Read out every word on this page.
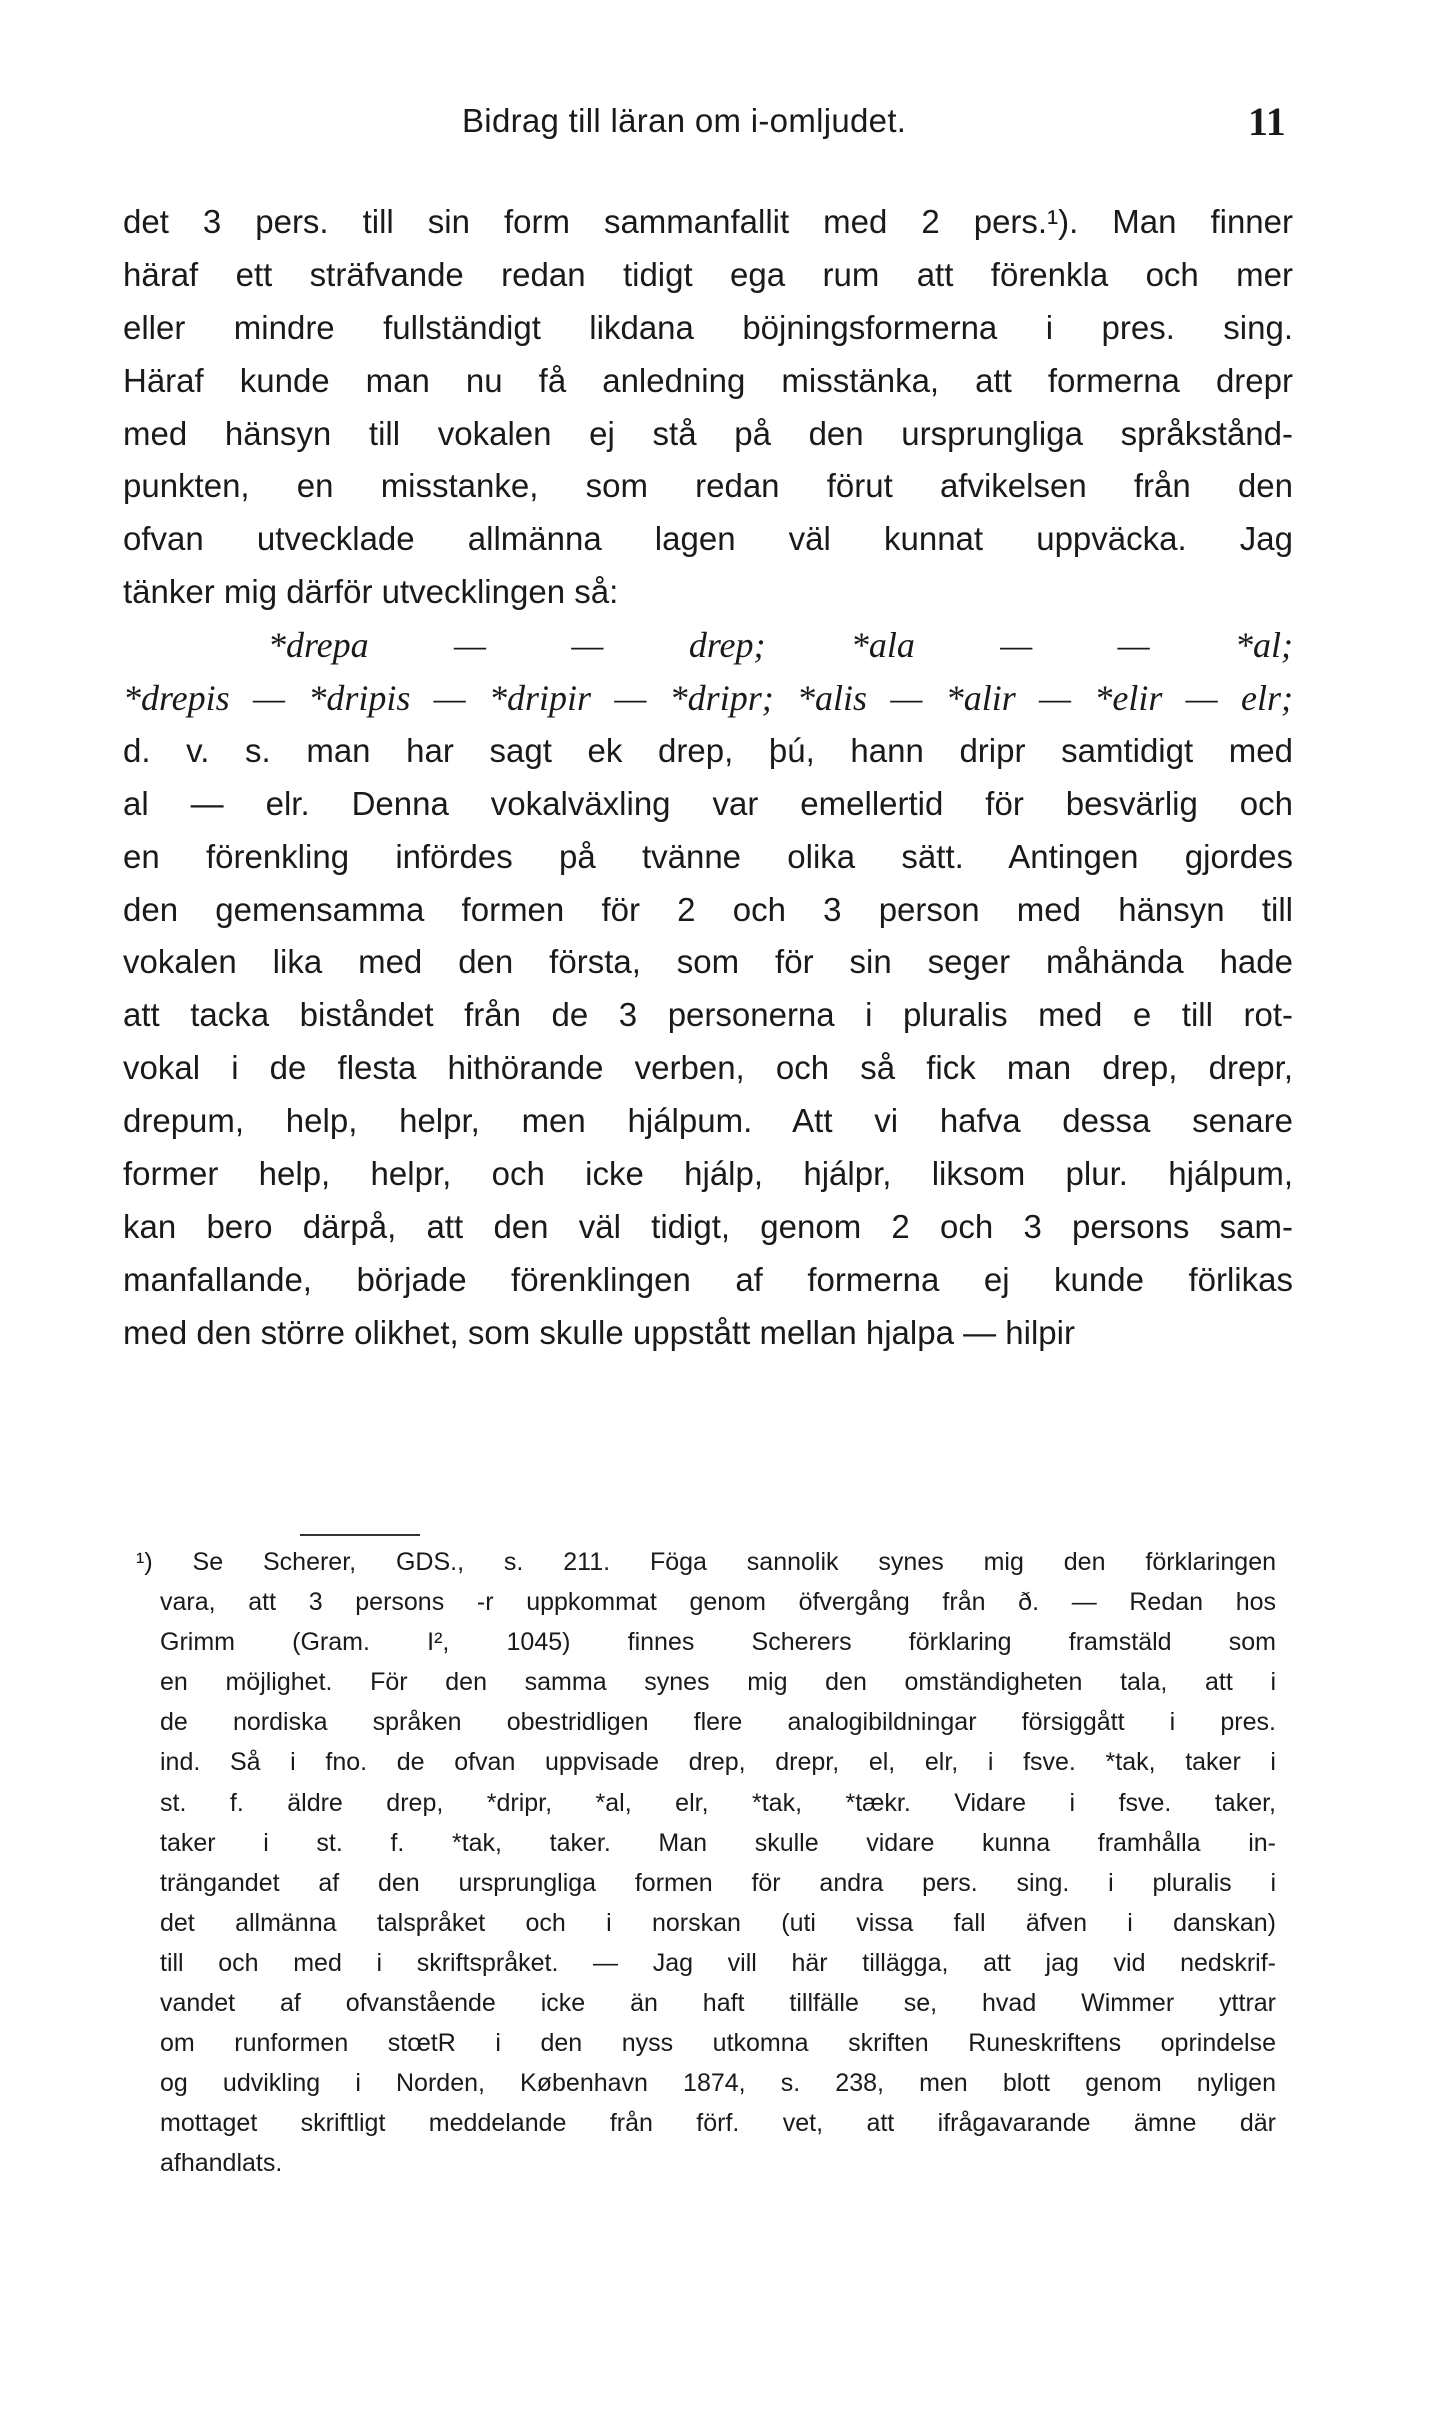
Bidrag till läran om i-omljudet.	11
det 3 pers. till sin form sammanfallit med 2 pers.¹). Man finner
häraf ett sträfvande redan tidigt ega rum att förenkla och mer
eller mindre fullständigt likdana böjningsformerna i pres. sing.
Häraf kunde man nu få anledning misstänka, att formerna drepr
med hänsyn till vokalen ej stå på den ursprungliga språkstånd-
punkten, en misstanke, som redan förut afvikelsen från den
ofvan utvecklade allmänna lagen väl kunnat uppväcka. Jag
tänker mig därför utvecklingen så:
*drepa — — drep; *ala — — *al;
*drepis — *dripis — *dripir — *dripr; *alis — *alir — *elir — elr;
d. v. s. man har sagt ek drep, þú, hann dripr samtidigt med
al — elr. Denna vokalväxling var emellertid för besvärlig och
en förenkling infördes på tvänne olika sätt. Antingen gjordes
den gemensamma formen för 2 och 3 person med hänsyn till
vokalen lika med den första, som för sin seger måhända hade
att tacka biståndet från de 3 personerna i pluralis med e till rot-
vokal i de flesta hithörande verben, och så fick man drep, drepr,
drepum, help, helpr, men hjálpum. Att vi hafva dessa senare
former help, helpr, och icke hjálp, hjálpr, liksom plur. hjálpum,
kan bero därpå, att den väl tidigt, genom 2 och 3 persons sam-
manfallande, började förenklingen af formerna ej kunde förlikas
med den större olikhet, som skulle uppstått mellan hjalpa — hilpir
¹) Se Scherer, GDS., s. 211. Föga sannolik synes mig den förklaringen
vara, att 3 persons -r uppkommat genom öfvergång från ð. — Redan hos
Grimm (Gram. I², 1045) finnes Scherers förklaring framstäld som
en möjlighet. För den samma synes mig den omständigheten tala, att i
de nordiska språken obestridligen flere analogibildningar försiggått i pres.
ind. Så i fno. de ofvan uppvisade drep, drepr, el, elr, i fsve. *tak, taker i
st. f. äldre drep, *dripr, *al, elr, *tak, *tækr. Vidare i fsve. taker,
taker i st. f. *tak, taker. Man skulle vidare kunna framhålla in-
trängandet af den ursprungliga formen för andra pers. sing. i pluralis i
det allmänna talspråket och i norskan (uti vissa fall äfven i danskan)
till och med i skriftspråket. — Jag vill här tillägga, att jag vid nedskrif-
vandet af ofvanstående icke än haft tillfälle se, hvad Wimmer yttrar
om runformen stœtR i den nyss utkomna skriften Runeskriftens oprindelse
og udvikling i Norden, København 1874, s. 238, men blott genom nyligen
mottaget skriftligt meddelande från förf. vet, att ifrågavarande ämne där
afhandlats.
